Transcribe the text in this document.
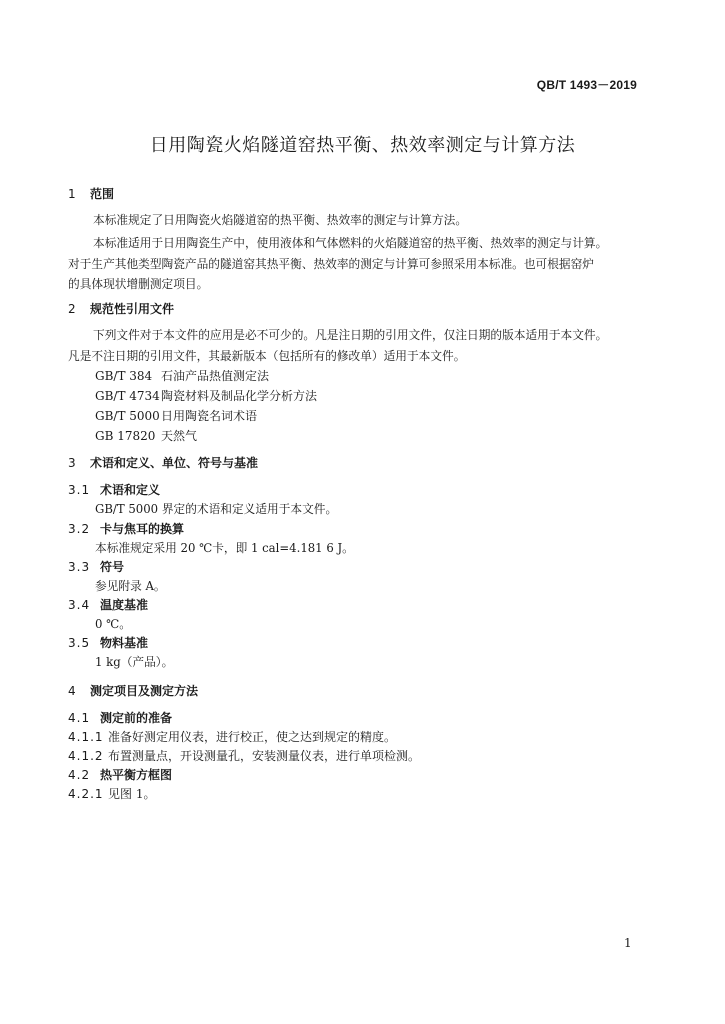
QB/T 1493－2019
日用陶瓷火焰隧道窑热平衡、热效率测定与计算方法
1 范围
本标准规定了日用陶瓷火焰隧道窑的热平衡、热效率的测定与计算方法。
本标准适用于日用陶瓷生产中，使用液体和气体燃料的火焰隧道窑的热平衡、热效率的测定与计算。
对于生产其他类型陶瓷产品的隧道窑其热平衡、热效率的测定与计算可参照采用本标准。也可根据窑炉
的具体现状增删测定项目。
2 规范性引用文件
下列文件对于本文件的应用是必不可少的。凡是注日期的引用文件，仅注日期的版本适用于本文件。
凡是不注日期的引用文件，其最新版本（包括所有的修改单）适用于本文件。
GB/T 384 石油产品热值测定法
GB/T 4734陶瓷材料及制品化学分析方法
GB/T 5000日用陶瓷名词术语
GB 17820 天然气
3 术语和定义、单位、符号与基准
3.1 术语和定义
GB/T 5000 界定的术语和定义适用于本文件。
3.2 卡与焦耳的换算
本标准规定采用 20 ℃卡，即 1 cal=4.181 6 J。
3.3 符号
参见附录 A。
3.4 温度基准
0 ℃。
3.5 物料基准
1 kg（产品）。
4 测定项目及测定方法
4.1 测定前的准备
4.1.1 准备好测定用仪表，进行校正，使之达到规定的精度。
4.1.2 布置测量点，开设测量孔，安装测量仪表，进行单项检测。
4.2 热平衡方框图
4.2.1 见图 1。
1
